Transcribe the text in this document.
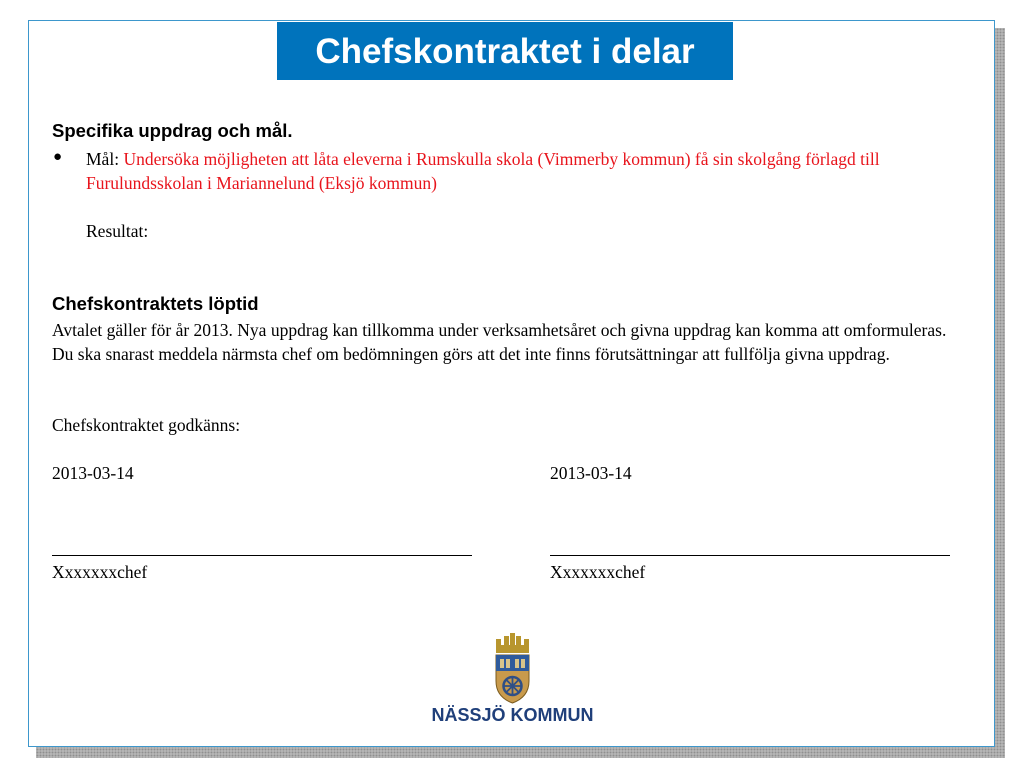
Chefskontraktet i delar
Specifika uppdrag och mål.
● Mål: Undersöka möjligheten att låta eleverna i Rumskulla skola (Vimmerby kommun) få sin skolgång förlagd till Furulundsskolan i Mariannelund (Eksjö kommun)
Resultat:
Chefskontraktets löptid
Avtalet gäller för år 2013. Nya uppdrag kan tillkomma under verksamhetsåret och givna uppdrag kan komma att omformuleras. Du ska snarast meddela närmsta chef om bedömningen görs att det inte finns förutsättningar att fullfölja givna uppdrag.
Chefskontraktet godkänns:
2013-03-14	2013-03-14
Xxxxxxxchef	Xxxxxxxchef
NÄSSJÖ KOMMUN
